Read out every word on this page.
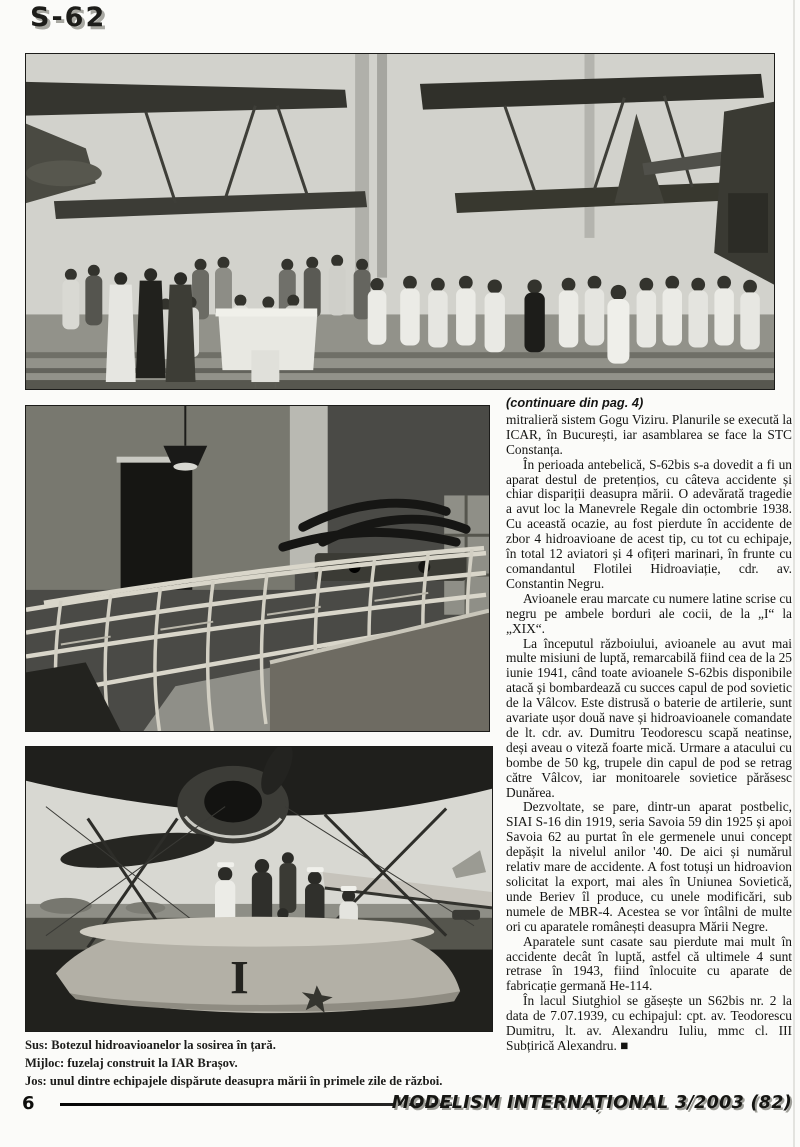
S-62
I

(continuare din pag. 4)

mitralieră sistem Gogu Viziru. Planurile se execută la ICAR, în București, iar asamblarea se face la STC Constanța.

În perioada antebelică, S-62bis s-a dovedit a fi un aparat destul de pretențios, cu câteva accidente și chiar dispariții deasupra mării. O adevărată tragedie a avut loc la Manevrele Regale din octombrie 1938. Cu această ocazie, au fost pierdute în accidente de zbor 4 hidroavioane de acest tip, cu tot cu echipaje, în total 12 aviatori și 4 ofițeri marinari, în frunte cu comandantul Flotilei Hidroaviație, cdr. av. Constantin Negru.

Avioanele erau marcate cu numere latine scrise cu negru pe ambele borduri ale cocii, de la „I“ la „XIX“.

La începutul războiului, avioanele au avut mai multe misiuni de luptă, remarcabilă fiind cea de la 25 iunie 1941, când toate avioanele S-62bis disponibile atacă și bombardează cu succes capul de pod sovietic de la Vâlcov. Este distrusă o baterie de artilerie, sunt avariate ușor două nave și hidroavioanele comandate de lt. cdr. av. Dumitru Teodorescu scapă neatinse, deși aveau o viteză foarte mică. Urmare a atacului cu bombe de 50 kg, trupele din capul de pod se retrag către Vâlcov, iar monitoarele sovietice părăsesc Dunărea.

Dezvoltate, se pare, dintr-un aparat postbelic, SIAI S-16 din 1919, seria Savoia 59 din 1925 și apoi Savoia 62 au purtat în ele germenele unui concept depășit la nivelul anilor '40. De aici și numărul relativ mare de accidente. A fost totuși un hidroavion solicitat la export, mai ales în Uniunea Sovietică, unde Beriev îl produce, cu unele modificări, sub numele de MBR-4. Acestea se vor întâlni de multe ori cu aparatele românești deasupra Mării Negre.

Aparatele sunt casate sau pierdute mai mult în accidente decât în luptă, astfel că ultimele 4 sunt retrase în 1943, fiind înlocuite cu aparate de fabricație germană He-114.

În lacul Siutghiol se găsește un S62bis nr. 2 la data de 7.07.1939, cu echipajul: cpt. av. Teodorescu Dumitru, lt. av. Alexandru Iuliu, mmc cl. III Subțirică Alexandru. ■

Sus: Botezul hidroavioanelor la sosirea în țară.
Mijloc: fuzelaj construit la IAR Brașov.
Jos: unul dintre echipajele dispărute deasupra mării în primele zile de război.
6	MODELISM INTERNAȚIONAL 3/2003 (82)
